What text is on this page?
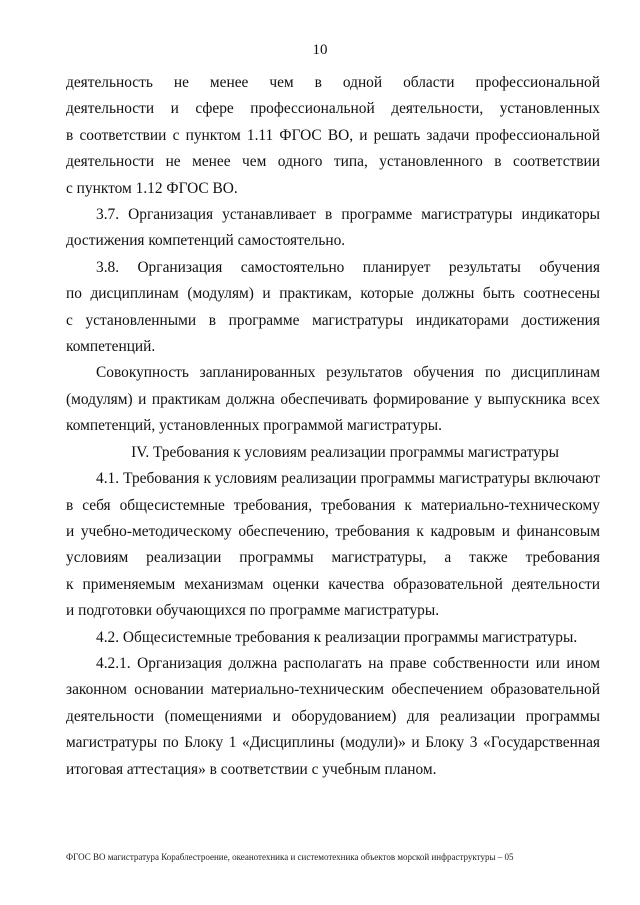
10

деятельность не менее чем в одной области профессиональной

деятельности и сфере профессиональной деятельности, установленных

в соответствии с пунктом 1.11 ФГОС ВО, и решать задачи профессиональной

деятельности не менее чем одного типа, установленного в соответствии

с пунктом 1.12 ФГОС ВО.

3.7. Организация устанавливает в программе магистратуры индикаторы

достижения компетенций самостоятельно.

3.8. Организация самостоятельно планирует результаты обучения

по дисциплинам (модулям) и практикам, которые должны быть соотнесены

с установленными в программе магистратуры индикаторами достижения

компетенций.

Совокупность запланированных результатов обучения по дисциплинам

(модулям) и практикам должна обеспечивать формирование у выпускника всех

компетенций, установленных программой магистратуры.

IV. Требования к условиям реализации программы магистратуры

4.1. Требования к условиям реализации программы магистратуры включают

в себя общесистемные требования, требования к материально-техническому

и учебно-методическому обеспечению, требования к кадровым и финансовым

условиям реализации программы магистратуры, а также требования

к применяемым механизмам оценки качества образовательной деятельности

и подготовки обучающихся по программе магистратуры.

4.2. Общесистемные требования к реализации программы магистратуры.

4.2.1. Организация должна располагать на праве собственности или ином

законном основании материально-техническим обеспечением образовательной

деятельности (помещениями и оборудованием) для реализации программы

магистратуры по Блоку 1 «Дисциплины (модули)» и Блоку 3 «Государственная

итоговая аттестация» в соответствии с учебным планом.

ФГОС ВО магистратура Кораблестроение, океанотехника и системотехника объектов морской инфраструктуры – 05
